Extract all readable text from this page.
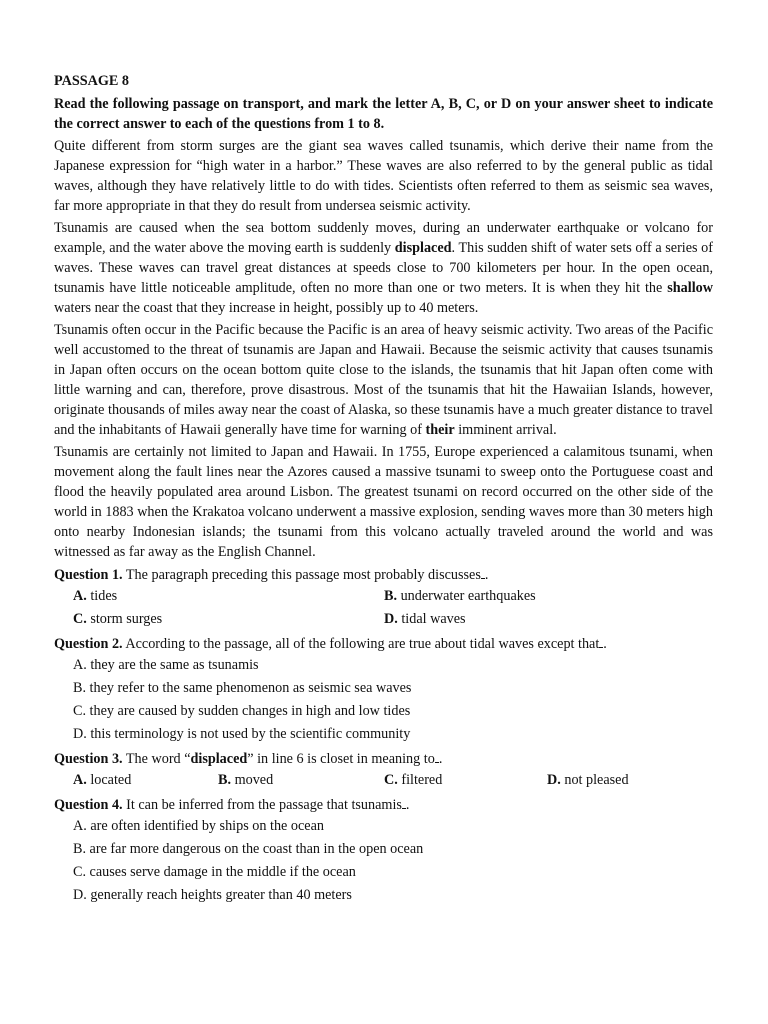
PASSAGE 8
Read the following passage on transport, and mark the letter A, B, C, or D on your answer sheet to indicate the correct answer to each of the questions from 1 to 8.
Quite different from storm surges are the giant sea waves called tsunamis, which derive their name from the Japanese expression for “high water in a harbor.” These waves are also referred to by the general public as tidal waves, although they have relatively little to do with tides. Scientists often referred to them as seismic sea waves, far more appropriate in that they do result from undersea seismic activity.
Tsunamis are caused when the sea bottom suddenly moves, during an underwater earthquake or volcano for example, and the water above the moving earth is suddenly displaced. This sudden shift of water sets off a series of waves. These waves can travel great distances at speeds close to 700 kilometers per hour. In the open ocean, tsunamis have little noticeable amplitude, often no more than one or two meters. It is when they hit the shallow waters near the coast that they increase in height, possibly up to 40 meters.
Tsunamis often occur in the Pacific because the Pacific is an area of heavy seismic activity. Two areas of the Pacific well accustomed to the threat of tsunamis are Japan and Hawaii. Because the seismic activity that causes tsunamis in Japan often occurs on the ocean bottom quite close to the islands, the tsunamis that hit Japan often come with little warning and can, therefore, prove disastrous. Most of the tsunamis that hit the Hawaiian Islands, however, originate thousands of miles away near the coast of Alaska, so these tsunamis have a much greater distance to travel and the inhabitants of Hawaii generally have time for warning of their imminent arrival.
Tsunamis are certainly not limited to Japan and Hawaii. In 1755, Europe experienced a calamitous tsunami, when movement along the fault lines near the Azores caused a massive tsunami to sweep onto the Portuguese coast and flood the heavily populated area around Lisbon. The greatest tsunami on record occurred on the other side of the world in 1883 when the Krakatoa volcano underwent a massive explosion, sending waves more than 30 meters high onto nearby Indonesian islands; the tsunami from this volcano actually traveled around the world and was witnessed as far away as the English Channel.
Question 1. The paragraph preceding this passage most probably discusses .
A. tides	B. underwater earthquakes
C. storm surges	D. tidal waves
Question 2. According to the passage, all of the following are true about tidal waves except that .
A. they are the same as tsunamis
B. they refer to the same phenomenon as seismic sea waves
C. they are caused by sudden changes in high and low tides
D. this terminology is not used by the scientific community
Question 3. The word “displaced” in line 6 is closet in meaning to .
A. located	B. moved	C. filtered	D. not pleased
Question 4. It can be inferred from the passage that tsunamis .
A. are often identified by ships on the ocean
B. are far more dangerous on the coast than in the open ocean
C. causes serve damage in the middle if the ocean
D. generally reach heights greater than 40 meters
